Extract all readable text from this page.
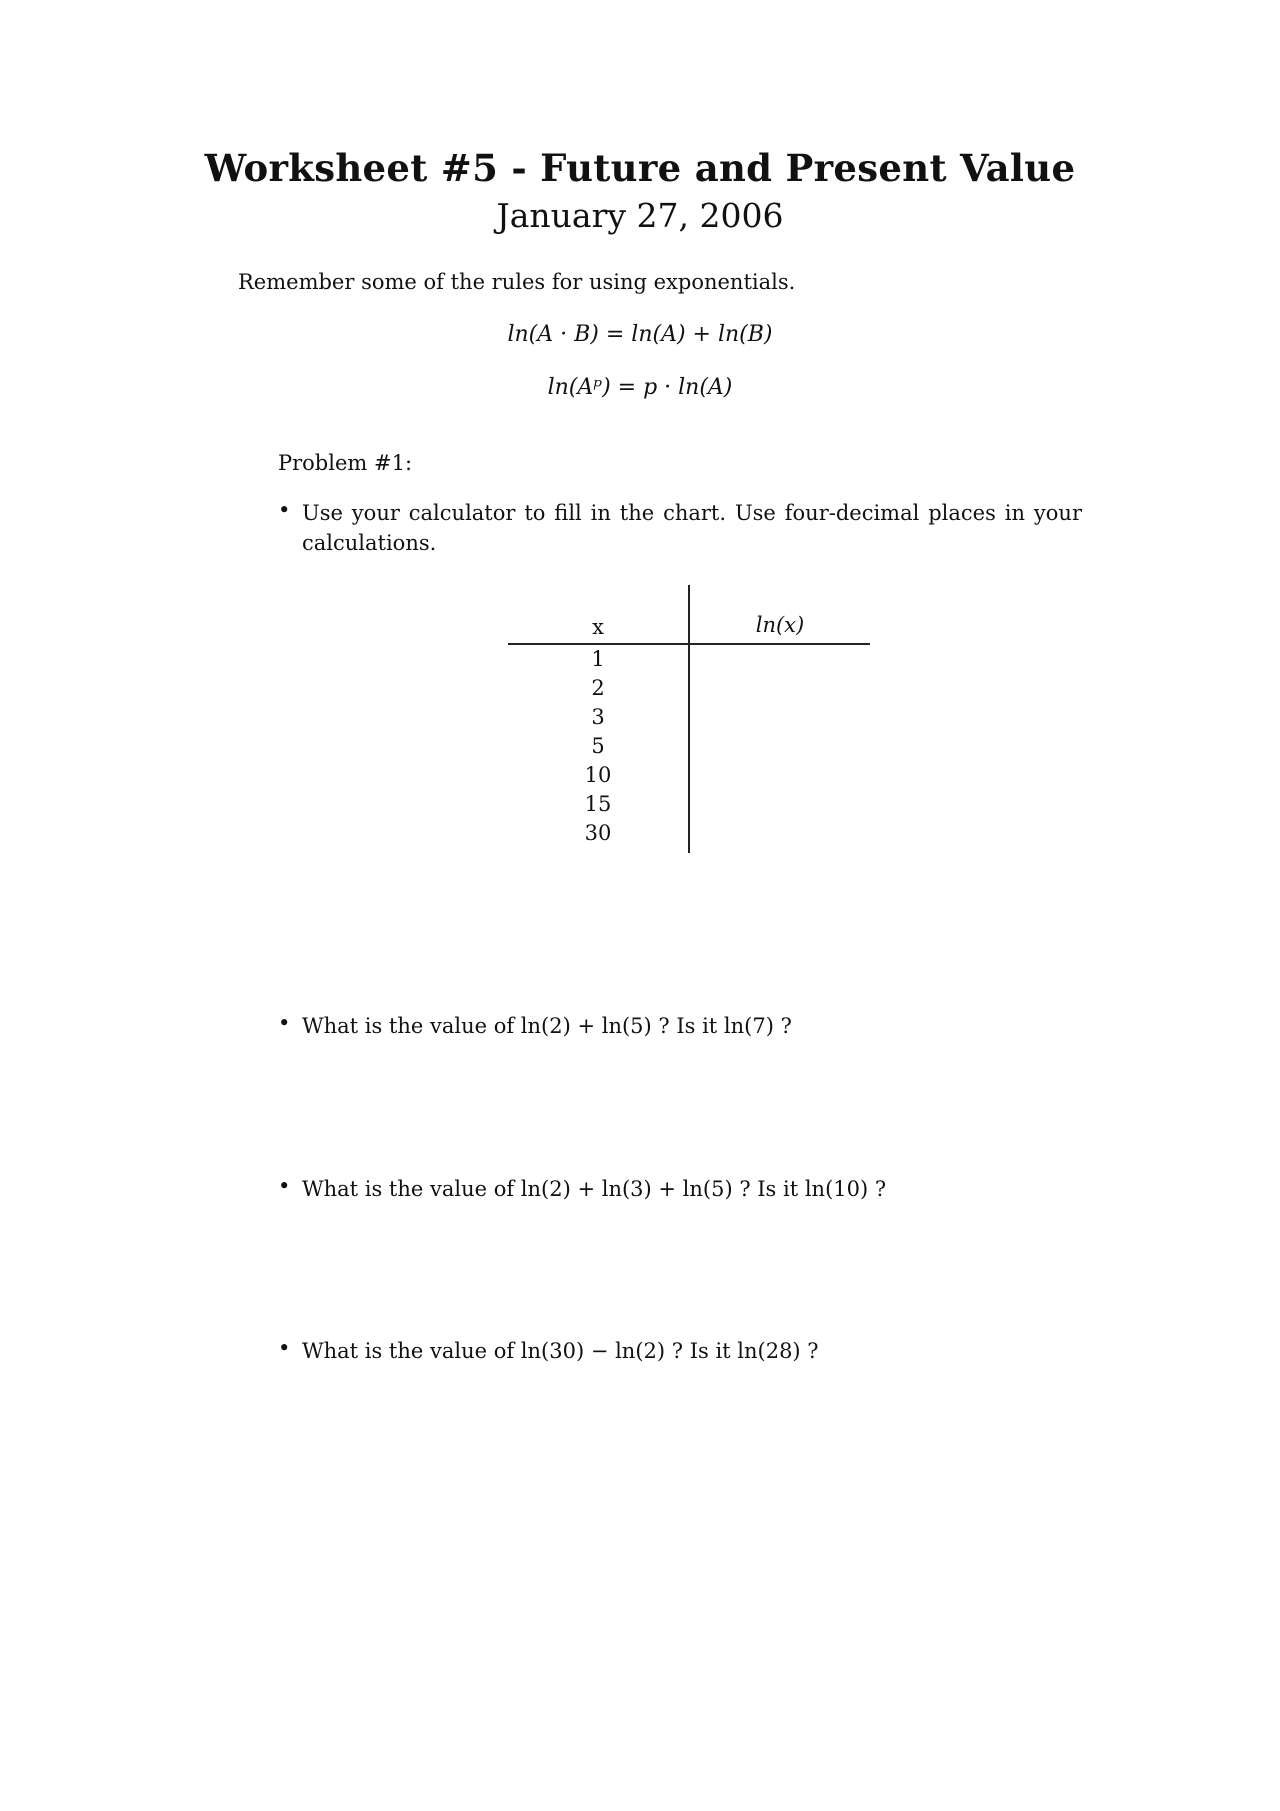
Worksheet #5 - Future and Present Value
January 27, 2006
Remember some of the rules for using exponentials.
ln(A · B) = ln(A) + ln(B)
ln(Aᵖ) = p · ln(A)
Problem #1:
• Use your calculator to fill in the chart. Use four-decimal places in your calculations.
x	ln(x)
1
2
3
5
10
15
30
• What is the value of ln(2) + ln(5) ? Is it ln(7) ?
• What is the value of ln(2) + ln(3) + ln(5) ? Is it ln(10) ?
• What is the value of ln(30) − ln(2) ? Is it ln(28) ?
